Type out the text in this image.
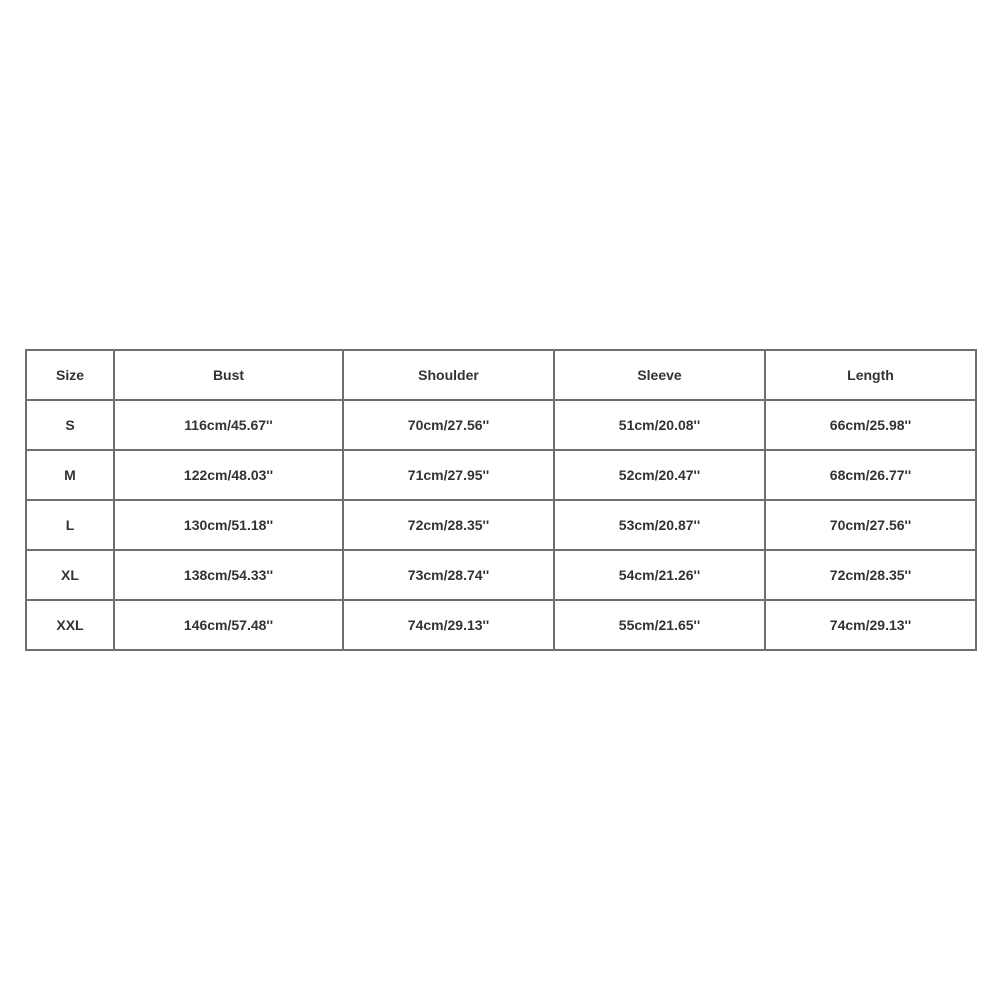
Size	Bust	Shoulder	Sleeve	Length
S	116cm/45.67''	70cm/27.56''	51cm/20.08''	66cm/25.98''
M	122cm/48.03''	71cm/27.95''	52cm/20.47''	68cm/26.77''
L	130cm/51.18''	72cm/28.35''	53cm/20.87''	70cm/27.56''
XL	138cm/54.33''	73cm/28.74''	54cm/21.26''	72cm/28.35''
XXL	146cm/57.48''	74cm/29.13''	55cm/21.65''	74cm/29.13''
